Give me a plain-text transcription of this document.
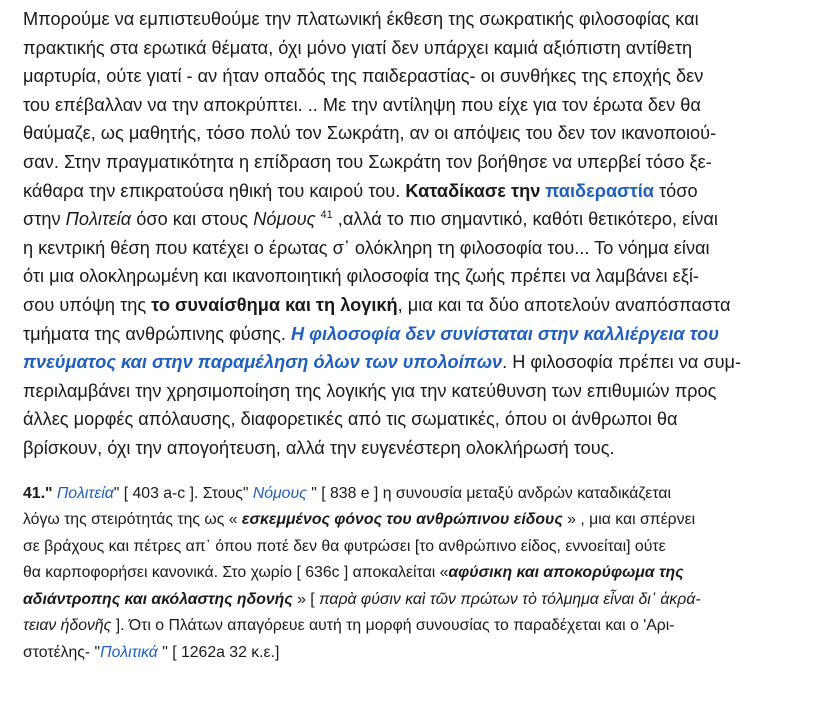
Μπορούμε να εμπιστευθούμε την πλατωνική έκθεση της σωκρατικής φιλοσοφίας και
πρακτικής στα ερωτικά θέματα, όχι μόνο γιατί δεν υπάρχει καμιά αξιόπιστη αντίθετη
μαρτυρία, ούτε γιατί - αν ήταν οπαδός της παιδεραστίας- οι συνθήκες της εποχής δεν
του επέβαλλαν να την αποκρύπτει. .. Με την αντίληψη που είχε για τον έρωτα δεν θα
θαύμαζε, ως μαθητής, τόσο πολύ τον Σωκράτη, αν οι απόψεις του δεν τον ικανοποιού-
σαν. Στην πραγματικότητα η επίδραση του Σωκράτη τον βοήθησε να υπερβεί τόσο ξε-
κάθαρα την επικρατούσα ηθική του καιρού του. Καταδίκασε την παιδεραστία τόσο
στην Πολιτεία όσο και στους Νόμους $^{41}$ ,αλλά το πιο σημαντικό, καθότι θετικότερο, είναι
η κεντρική θέση που κατέχει ο έρωτας σ᾽ ολόκληρη τη φιλοσοφία του... Το νόημα είναι
ότι μια ολοκληρωμένη και ικανοποιητική φιλοσοφία της ζωής πρέπει να λαμβάνει εξί-
σου υπόψη της το συναίσθημα και τη λογική, μια και τα δύο αποτελούν αναπόσπαστα
τμήματα της ανθρώπινης φύσης. Η φιλοσοφία δεν συνίσταται στην καλλιέργεια του
πνεύματος και στην παραμέληση όλων των υπολοίπων. Η φιλοσοφία πρέπει να συμ-
περιλαμβάνει την χρησιμοποίηση της λογικής για την κατεύθυνση των επιθυμιών προς
άλλες μορφές απόλαυσης, διαφορετικές από τις σωματικές, όπου οι άνθρωποι θα
βρίσκουν, όχι την απογοήτευση, αλλά την ευγενέστερη ολοκλήρωσή τους.
41." Πολιτεία" [ 403 a-c ]. Στους" Νόμους " [ 838 e ] η συνουσία μεταξύ ανδρών καταδικάζεται
λόγω της στειρότητάς της ως « εσκεμμένος φόνος του ανθρώπινου είδους » , μια και σπέρνει
σε βράχους και πέτρες απ᾽ όπου ποτέ δεν θα φυτρώσει [το ανθρώπινο είδος, εννοείται] ούτε
θα καρποφορήσει κανονικά. Στο χωρίο [ 636c ] αποκαλείται «αφύσικη και αποκορύφωμα της
αδιάντροπης και ακόλαστης ηδονής » [ παρὰ φύσιν καὶ τῶν πρώτων τὸ τόλμημα εἶναι δι᾽ ἀκρά-
τειαν ἡδονῆς ]. Ότι ο Πλάτων απαγόρευε αυτή τη μορφή συνουσίας το παραδέχεται και ο 'Αρι-
στοτέλης- "Πολιτικά " [ 1262a 32 κ.ε.]
